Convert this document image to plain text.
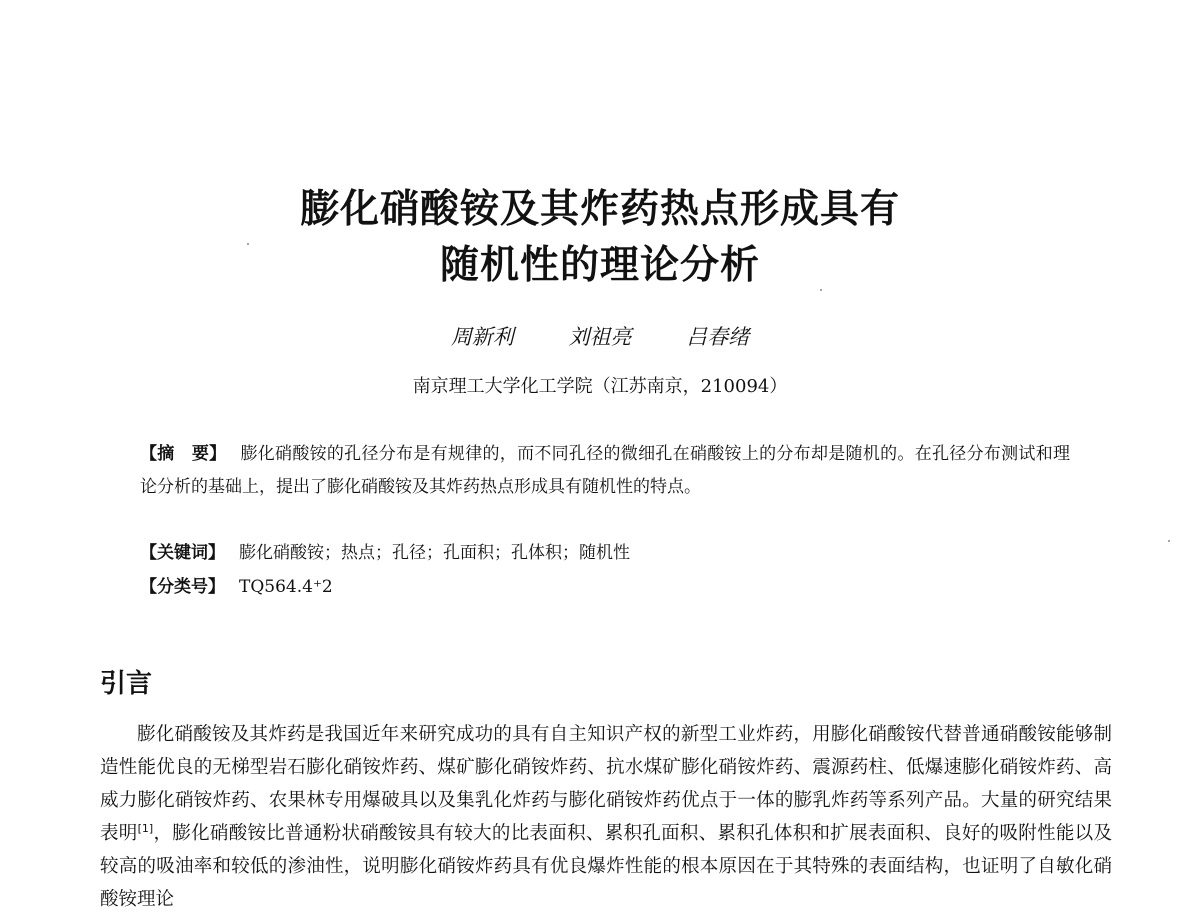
膨化硝酸铵及其炸药热点形成具有
随机性的理论分析
周新利	刘祖亮	吕春绪
南京理工大学化工学院（江苏南京，210094）
【摘　要】 膨化硝酸铵的孔径分布是有规律的，而不同孔径的微细孔在硝酸铵上的分布却是随机的。在孔径分布测试和理论分析的基础上，提出了膨化硝酸铵及其炸药热点形成具有随机性的特点。
【关键词】 膨化硝酸铵；热点；孔径；孔面积；孔体积；随机性
【分类号】 TQ564.4⁺2
引言
膨化硝酸铵及其炸药是我国近年来研究成功的具有自主知识产权的新型工业炸药，用膨化硝酸铵代替普通硝酸铵能够制造性能优良的无梯型岩石膨化硝铵炸药、煤矿膨化硝铵炸药、抗水煤矿膨化硝铵炸药、震源药柱、低爆速膨化硝铵炸药、高威力膨化硝铵炸药、农果林专用爆破具以及集乳化炸药与膨化硝铵炸药优点于一体的膨乳炸药等系列产品。大量的研究结果表明[1]，膨化硝酸铵比普通粉状硝酸铵具有较大的比表面积、累积孔面积、累积孔体积和扩展表面积、良好的吸附性能以及较高的吸油率和较低的渗油性，说明膨化硝铵炸药具有优良爆炸性能的根本原因在于其特殊的表面结构，也证明了自敏化硝酸铵理论
